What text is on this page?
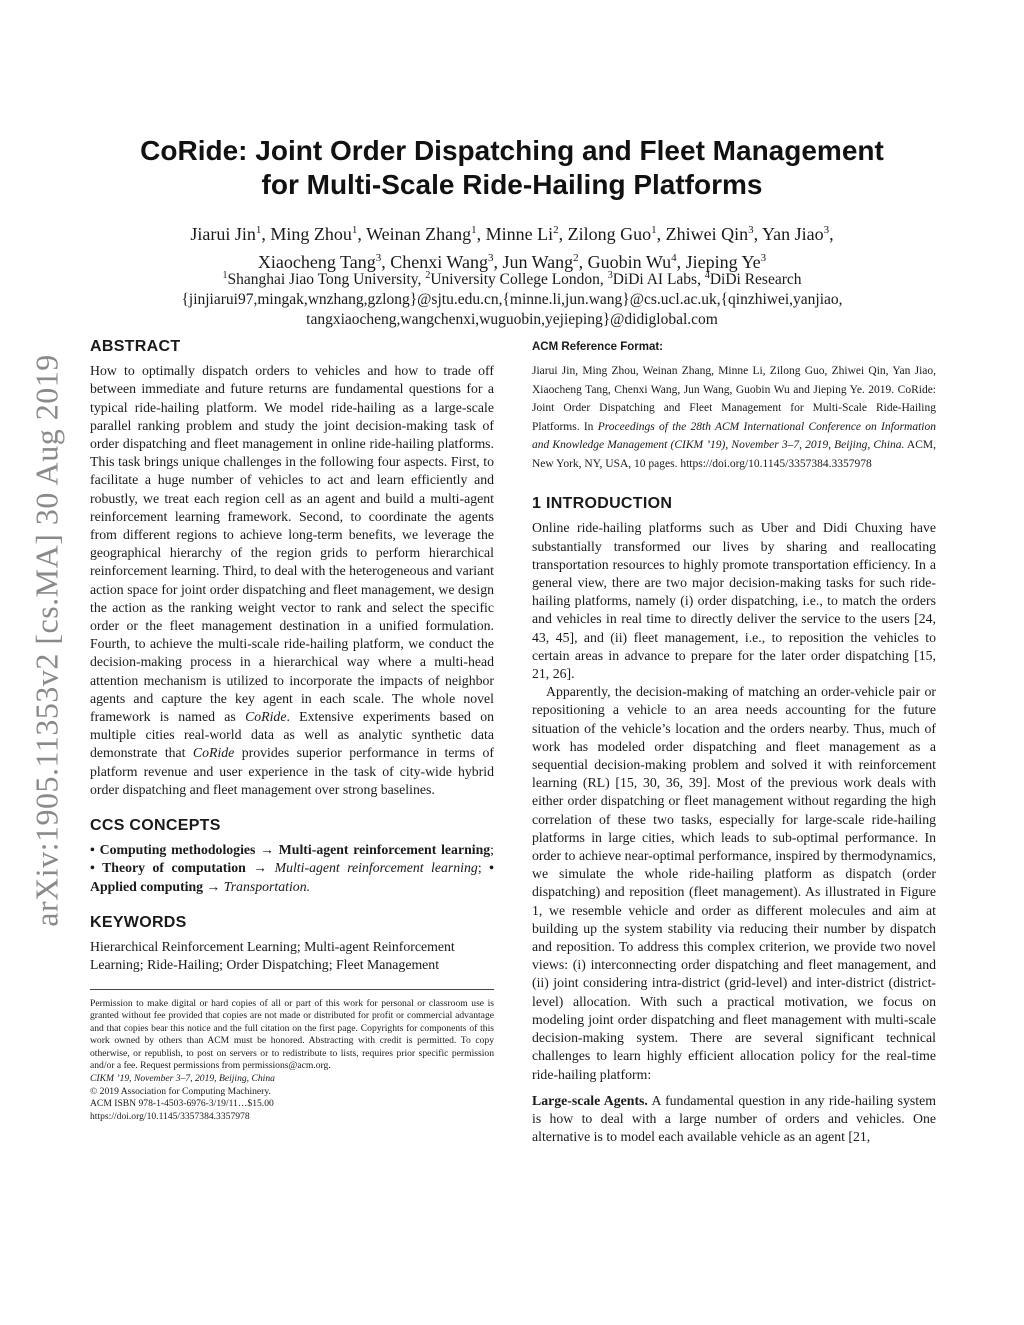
arXiv:1905.11353v2 [cs.MA] 30 Aug 2019
CoRide: Joint Order Dispatching and Fleet Management
for Multi-Scale Ride-Hailing Platforms
Jiarui Jin$^1$, Ming Zhou$^1$, Weinan Zhang$^1$, Minne Li$^2$, Zilong Guo$^1$, Zhiwei Qin$^3$, Yan Jiao$^3$,
Xiaocheng Tang$^3$, Chenxi Wang$^3$, Jun Wang$^2$, Guobin Wu$^4$, Jieping Ye$^3$
$^1$Shanghai Jiao Tong University, $^2$University College London, $^3$DiDi AI Labs, $^4$DiDi Research
{jinjiarui97,mingak,wnzhang,gzlong}@sjtu.edu.cn,{minne.li,jun.wang}@cs.ucl.ac.uk,{qinzhiwei,yanjiao,
tangxiaocheng,wangchenxi,wuguobin,yejieping}@didiglobal.com
ABSTRACT

How to optimally dispatch orders to vehicles and how to trade off between immediate and future returns are fundamental questions for a typical ride-hailing platform. We model ride-hailing as a large-scale parallel ranking problem and study the joint decision-making task of order dispatching and fleet management in online ride-hailing platforms. This task brings unique challenges in the following four aspects. First, to facilitate a huge number of vehicles to act and learn efficiently and robustly, we treat each region cell as an agent and build a multi-agent reinforcement learning framework. Second, to coordinate the agents from different regions to achieve long-term benefits, we leverage the geographical hierarchy of the region grids to perform hierarchical reinforcement learning. Third, to deal with the heterogeneous and variant action space for joint order dispatching and fleet management, we design the action as the ranking weight vector to rank and select the specific order or the fleet management destination in a unified formulation. Fourth, to achieve the multi-scale ride-hailing platform, we conduct the decision-making process in a hierarchical way where a multi-head attention mechanism is utilized to incorporate the impacts of neighbor agents and capture the key agent in each scale. The whole novel framework is named as CoRide. Extensive experiments based on multiple cities real-world data as well as analytic synthetic data demonstrate that CoRide provides superior performance in terms of platform revenue and user experience in the task of city-wide hybrid order dispatching and fleet management over strong baselines.

CCS CONCEPTS

• Computing methodologies → Multi-agent reinforcement learning; • Theory of computation → Multi-agent reinforcement learning; • Applied computing → Transportation.

KEYWORDS

Hierarchical Reinforcement Learning; Multi-agent Reinforcement Learning; Ride-Hailing; Order Dispatching; Fleet Management

Permission to make digital or hard copies of all or part of this work for personal or classroom use is granted without fee provided that copies are not made or distributed for profit or commercial advantage and that copies bear this notice and the full citation on the first page. Copyrights for components of this work owned by others than ACM must be honored. Abstracting with credit is permitted. To copy otherwise, or republish, to post on servers or to redistribute to lists, requires prior specific permission and/or a fee. Request permissions from permissions@acm.org.

CIKM ’19, November 3–7, 2019, Beijing, China

© 2019 Association for Computing Machinery.

ACM ISBN 978-1-4503-6976-3/19/11…$15.00

https://doi.org/10.1145/3357384.3357978

ACM Reference Format:

Jiarui Jin, Ming Zhou, Weinan Zhang, Minne Li, Zilong Guo, Zhiwei Qin, Yan Jiao, Xiaocheng Tang, Chenxi Wang, Jun Wang, Guobin Wu and Jieping Ye. 2019. CoRide: Joint Order Dispatching and Fleet Management for Multi-Scale Ride-Hailing Platforms. In Proceedings of the 28th ACM International Conference on Information and Knowledge Management (CIKM ’19), November 3–7, 2019, Beijing, China. ACM, New York, NY, USA, 10 pages. https://doi.org/10.1145/3357384.3357978

1 INTRODUCTION

Online ride-hailing platforms such as Uber and Didi Chuxing have substantially transformed our lives by sharing and reallocating transportation resources to highly promote transportation efficiency. In a general view, there are two major decision-making tasks for such ride-hailing platforms, namely (i) order dispatching, i.e., to match the orders and vehicles in real time to directly deliver the service to the users [24, 43, 45], and (ii) fleet management, i.e., to reposition the vehicles to certain areas in advance to prepare for the later order dispatching [15, 21, 26].

Apparently, the decision-making of matching an order-vehicle pair or repositioning a vehicle to an area needs accounting for the future situation of the vehicle’s location and the orders nearby. Thus, much of work has modeled order dispatching and fleet management as a sequential decision-making problem and solved it with reinforcement learning (RL) [15, 30, 36, 39]. Most of the previous work deals with either order dispatching or fleet management without regarding the high correlation of these two tasks, especially for large-scale ride-hailing platforms in large cities, which leads to sub-optimal performance. In order to achieve near-optimal performance, inspired by thermodynamics, we simulate the whole ride-hailing platform as dispatch (order dispatching) and reposition (fleet management). As illustrated in Figure 1, we resemble vehicle and order as different molecules and aim at building up the system stability via reducing their number by dispatch and reposition. To address this complex criterion, we provide two novel views: (i) interconnecting order dispatching and fleet management, and (ii) joint considering intra-district (grid-level) and inter-district (district-level) allocation. With such a practical motivation, we focus on modeling joint order dispatching and fleet management with multi-scale decision-making system. There are several significant technical challenges to learn highly efficient allocation policy for the real-time ride-hailing platform:

Large-scale Agents. A fundamental question in any ride-hailing system is how to deal with a large number of orders and vehicles. One alternative is to model each available vehicle as an agent [21,
